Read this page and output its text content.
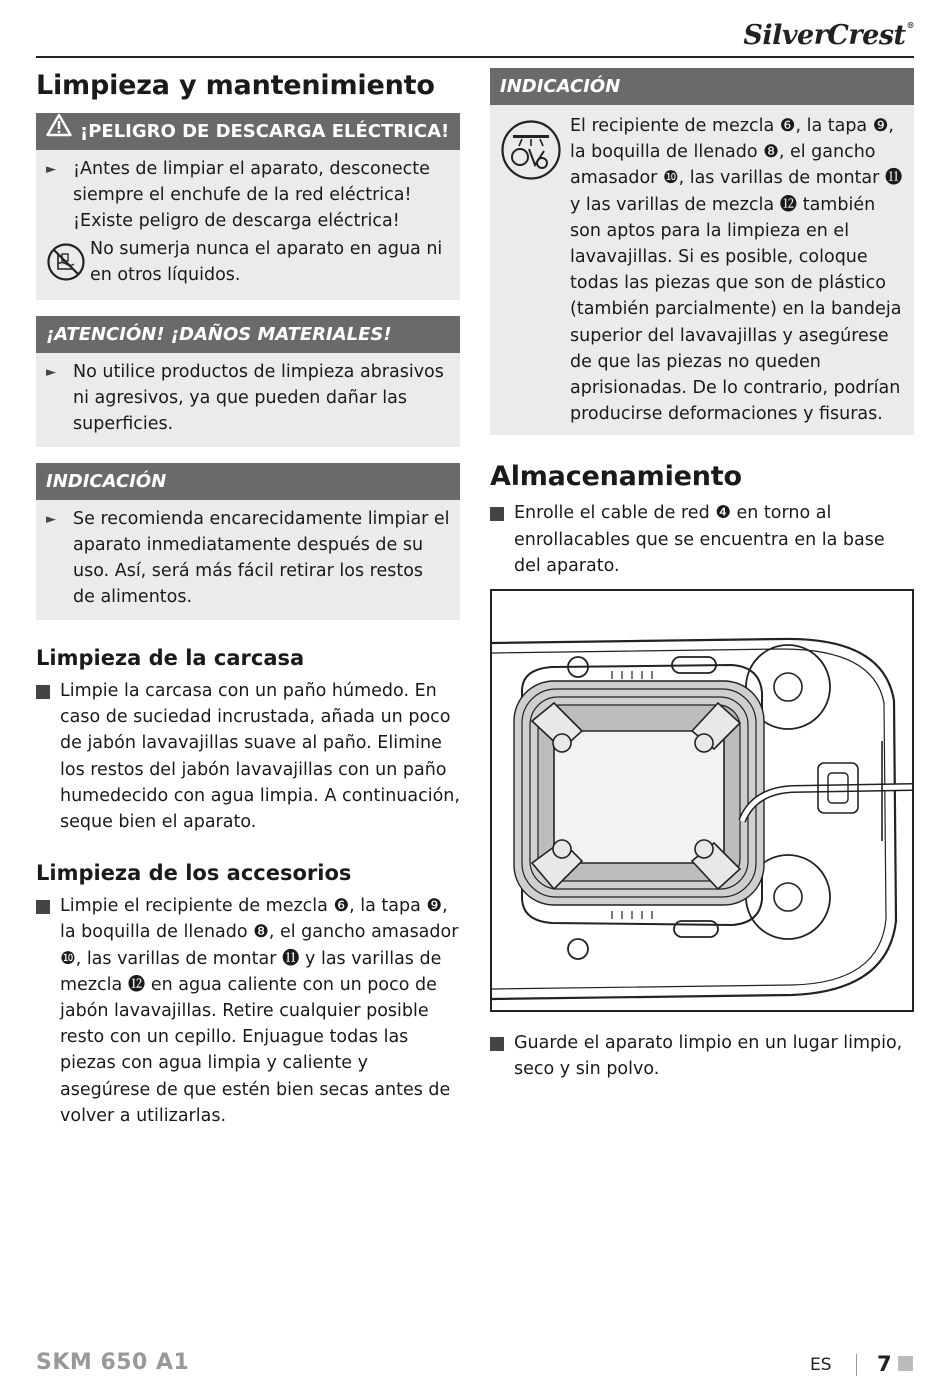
SilverCrest®
Limpieza y mantenimiento
¡PELIGRO DE DESCARGA ELÉCTRICA!
► ¡Antes de limpiar el aparato, desconecte siempre el enchufe de la red eléctrica! ¡Existe peligro de descarga eléctrica!
No sumerja nunca el aparato en agua ni en otros líquidos.
¡ATENCIÓN! ¡DAÑOS MATERIALES!
► No utilice productos de limpieza abrasivos ni agresivos, ya que pueden dañar las superficies.
INDICACIÓN
► Se recomienda encarecidamente limpiar el aparato inmediatamente después de su uso. Así, será más fácil retirar los restos de alimentos.
Limpieza de la carcasa
Limpie la carcasa con un paño húmedo. En caso de suciedad incrustada, añada un poco de jabón lavavajillas suave al paño. Elimine los restos del jabón lavavajillas con un paño humedecido con agua limpia. A continuación, seque bien el aparato.
Limpieza de los accesorios
Limpie el recipiente de mezcla ❻, la tapa ❾, la boquilla de llenado ❽, el gancho amasador ❿, las varillas de montar ⓫ y las varillas de mezcla ⓬ en agua caliente con un poco de jabón lavavajillas. Retire cualquier posible resto con un cepillo. Enjuague todas las piezas con agua limpia y caliente y asegúrese de que estén bien secas antes de volver a utilizarlas.
INDICACIÓN
El recipiente de mezcla ❻, la tapa ❾, la boquilla de llenado ❽, el gancho amasador ❿, las varillas de montar ⓫ y las varillas de mezcla ⓬ también son aptos para la limpieza en el lavavajillas. Si es posible, coloque todas las piezas que son de plástico (también parcialmente) en la bandeja superior del lavavajillas y asegúrese de que las piezas no queden aprisionadas. De lo contrario, podrían producirse deformaciones y fisuras.
Almacenamiento
Enrolle el cable de red ❹ en torno al enrollacables que se encuentra en la base del aparato.
Guarde el aparato limpio en un lugar limpio, seco y sin polvo.
SKM 650 A1	ES 7
